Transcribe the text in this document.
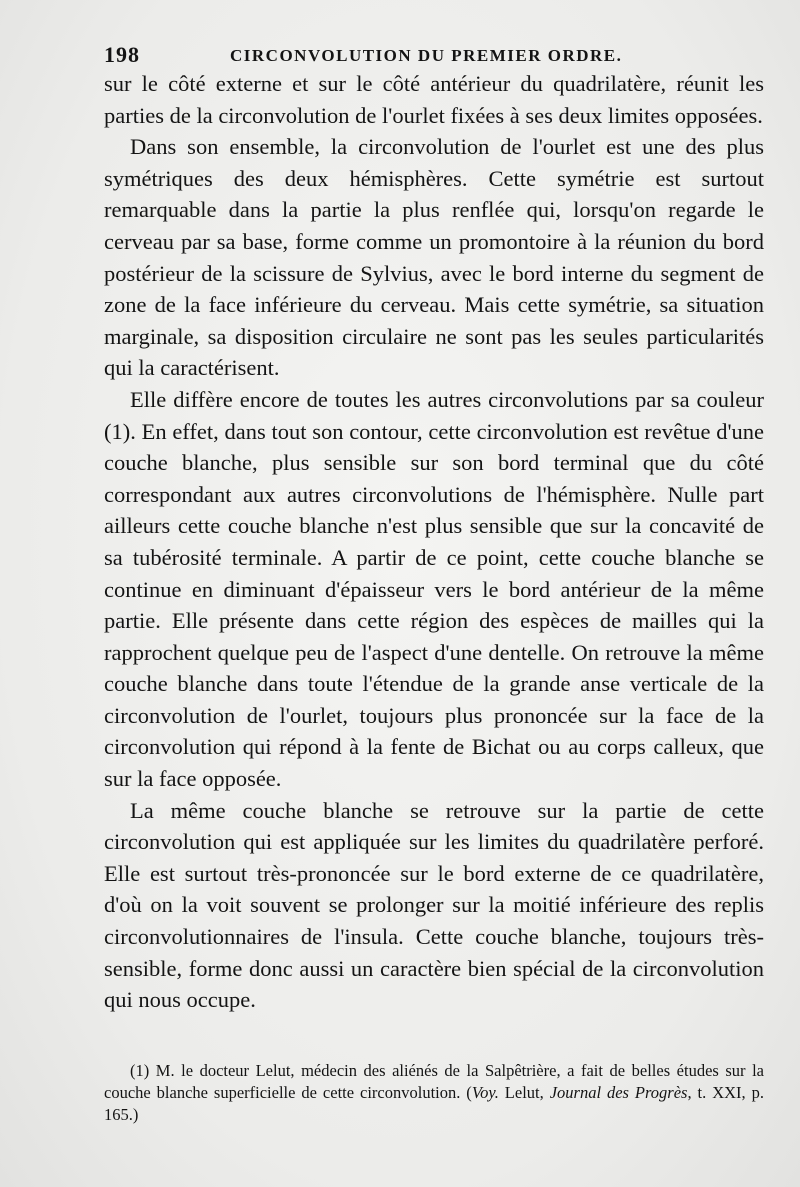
198	CIRCONVOLUTION DU PREMIER ORDRE.

sur le côté externe et sur le côté antérieur du quadrilatère, réunit les parties de la circonvolution de l'ourlet fixées à ses deux limites opposées.

Dans son ensemble, la circonvolution de l'ourlet est une des plus symétriques des deux hémisphères. Cette symétrie est surtout remarquable dans la partie la plus renflée qui, lorsqu'on regarde le cerveau par sa base, forme comme un promontoire à la réunion du bord postérieur de la scissure de Sylvius, avec le bord interne du segment de zone de la face inférieure du cerveau. Mais cette symétrie, sa situation marginale, sa disposition circulaire ne sont pas les seules particularités qui la caractérisent.

Elle diffère encore de toutes les autres circonvolutions par sa couleur (1). En effet, dans tout son contour, cette circonvolution est revêtue d'une couche blanche, plus sensible sur son bord terminal que du côté correspondant aux autres circonvolutions de l'hémisphère. Nulle part ailleurs cette couche blanche n'est plus sensible que sur la concavité de sa tubérosité terminale. A partir de ce point, cette couche blanche se continue en diminuant d'épaisseur vers le bord antérieur de la même partie. Elle présente dans cette région des espèces de mailles qui la rapprochent quelque peu de l'aspect d'une dentelle. On retrouve la même couche blanche dans toute l'étendue de la grande anse verticale de la circonvolution de l'ourlet, toujours plus prononcée sur la face de la circonvolution qui répond à la fente de Bichat ou au corps calleux, que sur la face opposée.

La même couche blanche se retrouve sur la partie de cette circonvolution qui est appliquée sur les limites du quadrilatère perforé. Elle est surtout très-prononcée sur le bord externe de ce quadrilatère, d'où on la voit souvent se prolonger sur la moitié inférieure des replis circonvolutionnaires de l'insula. Cette couche blanche, toujours très-sensible, forme donc aussi un caractère bien spécial de la circonvolution qui nous occupe.

(1) M. le docteur Lelut, médecin des aliénés de la Salpêtrière, a fait de belles études sur la couche blanche superficielle de cette circonvolution. (Voy. Lelut, Journal des Progrès, t. XXI, p. 165.)
